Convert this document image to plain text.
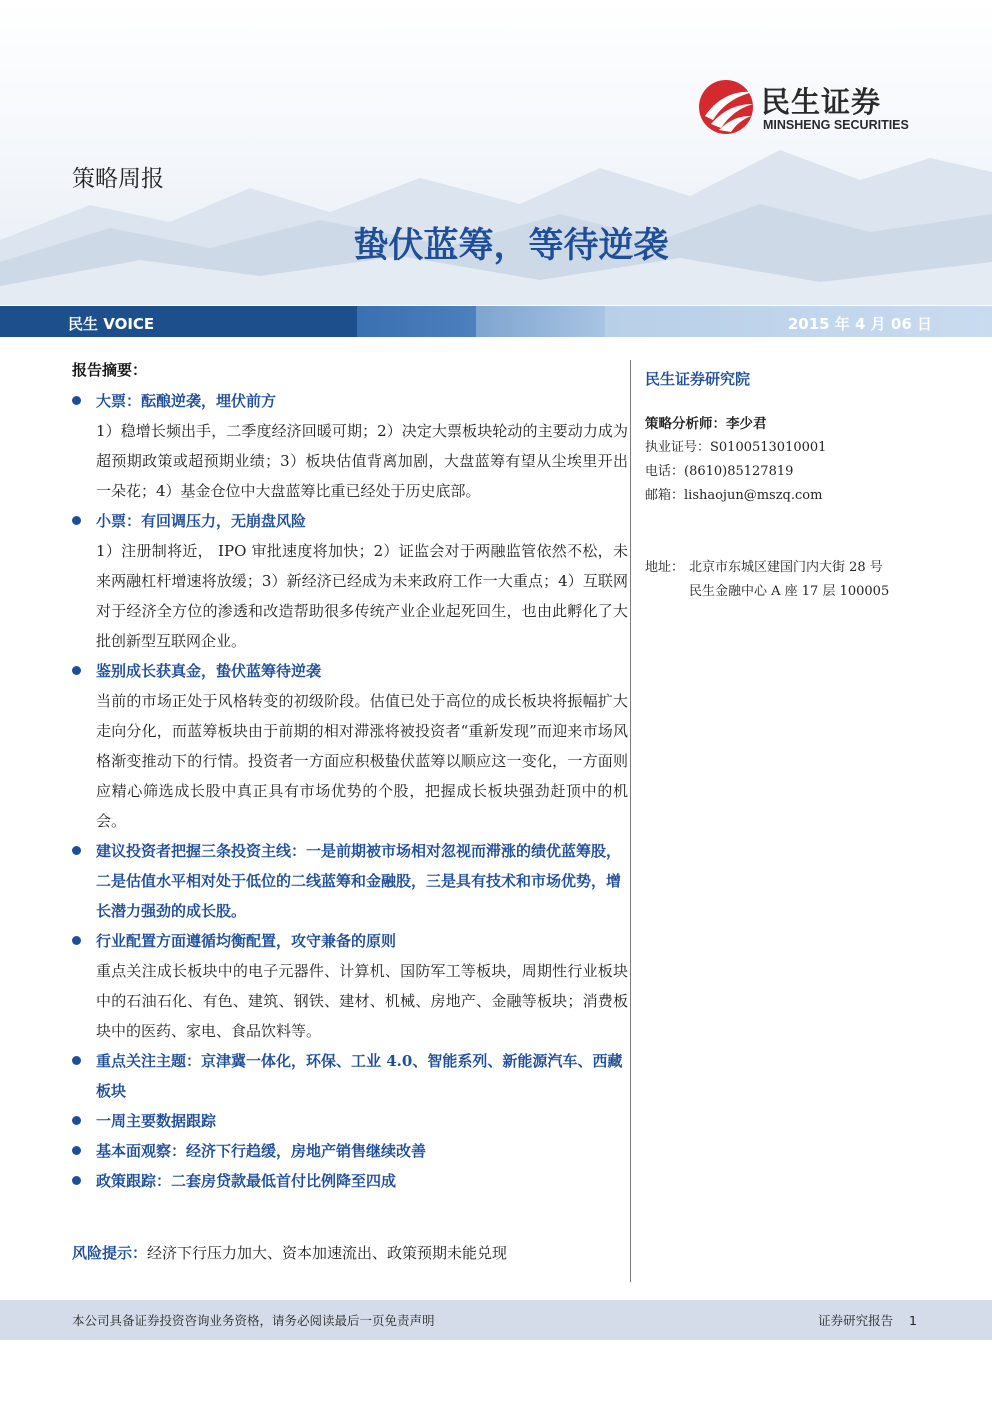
民生证券
MINSHENG SECURITIES
策略周报
蛰伏蓝筹，等待逆袭
民生 VOICE	2015 年 4 月 06 日
报告摘要：
大票：酝酿逆袭，埋伏前方
1）稳增长频出手，二季度经济回暖可期；2）决定大票板块轮动的主要动力成为超预期政策或超预期业绩；3）板块估值背离加剧，大盘蓝筹有望从尘埃里开出一朵花；4）基金仓位中大盘蓝筹比重已经处于历史底部。
小票：有回调压力，无崩盘风险
1）注册制将近， IPO 审批速度将加快；2）证监会对于两融监管依然不松，未来两融杠杆增速将放缓；3）新经济已经成为未来政府工作一大重点；4）互联网对于经济全方位的渗透和改造帮助很多传统产业企业起死回生，也由此孵化了大批创新型互联网企业。
鉴别成长获真金，蛰伏蓝筹待逆袭
当前的市场正处于风格转变的初级阶段。估值已处于高位的成长板块将振幅扩大走向分化，而蓝筹板块由于前期的相对滞涨将被投资者“重新发现”而迎来市场风格渐变推动下的行情。投资者一方面应积极蛰伏蓝筹以顺应这一变化，一方面则应精心筛选成长股中真正具有市场优势的个股，把握成长板块强劲赶顶中的机会。
建议投资者把握三条投资主线：一是前期被市场相对忽视而滞涨的绩优蓝筹股，二是估值水平相对处于低位的二线蓝筹和金融股，三是具有技术和市场优势，增长潜力强劲的成长股。
行业配置方面遵循均衡配置，攻守兼备的原则
重点关注成长板块中的电子元器件、计算机、国防军工等板块，周期性行业板块中的石油石化、有色、建筑、钢铁、建材、机械、房地产、金融等板块；消费板块中的医药、家电、食品饮料等。
重点关注主题：京津冀一体化，环保、工业 4.0、智能系列、新能源汽车、西藏板块
一周主要数据跟踪
基本面观察：经济下行趋缓，房地产销售继续改善
政策跟踪：二套房贷款最低首付比例降至四成
风险提示：经济下行压力加大、资本加速流出、政策预期未能兑现
民生证券研究院
策略分析师：李少君
执业证号：S0100513010001
电话：(8610)85127819
邮箱：lishaojun@mszq.com
地址： 北京市东城区建国门内大街 28 号
民生金融中心 A 座 17 层 100005
本公司具备证券投资咨询业务资格，请务必阅读最后一页免责声明	证券研究报告    1
